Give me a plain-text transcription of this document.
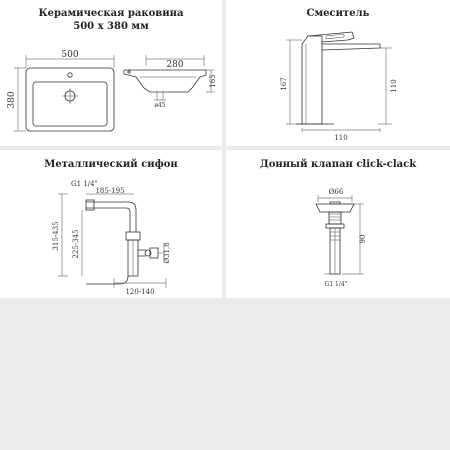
Керамическая раковина
500 x 380 мм
500
380
280
ø45
165
Смеситель
167	110
110
Металлический сифон
G1 1/4"
185-195
315-435 225-345	Ø31,8
120-140
Донный клапан click-clack
Ø66
90
G1 1/4"
